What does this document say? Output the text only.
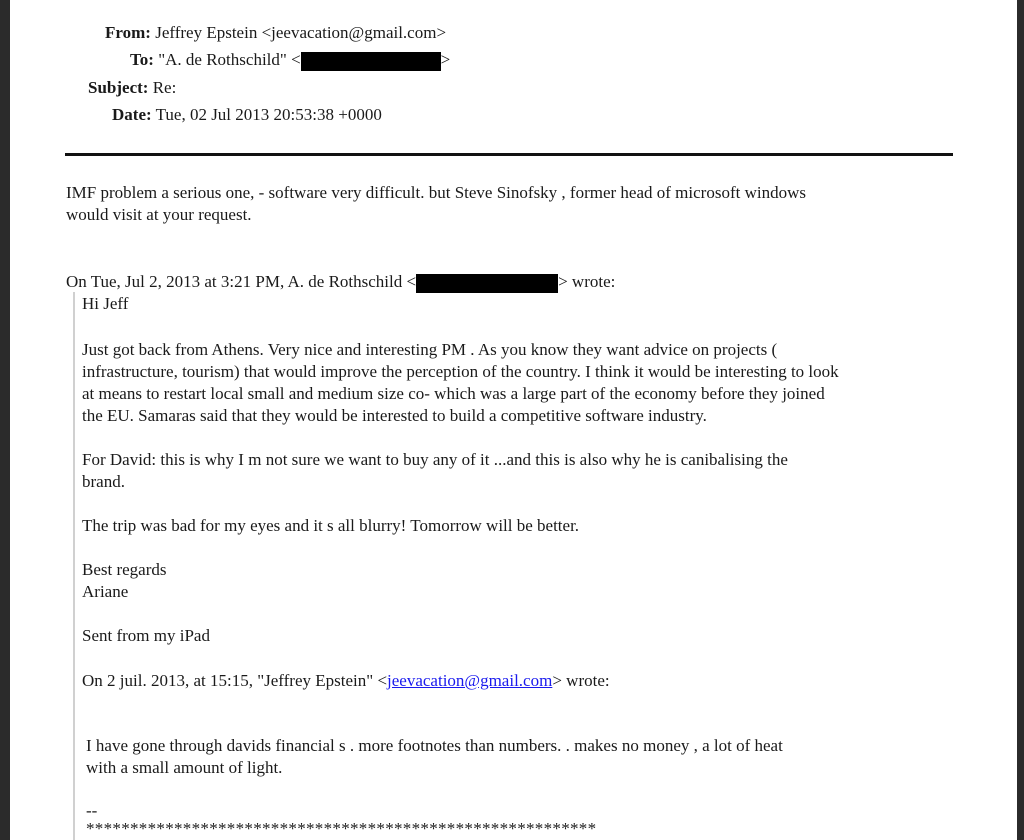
From: Jeffrey Epstein <jeevacation@gmail.com>
To: "A. de Rothschild" <	>
Subject: Re:
Date: Tue, 02 Jul 2013 20:53:38 +0000
IMF problem a serious one, - software very difficult. but Steve Sinofsky , former head of microsoft windows
would visit at your request.
On Tue, Jul 2, 2013 at 3:21 PM, A. de Rothschild <	> wrote:
Hi Jeff
Just got back from Athens. Very nice and interesting PM . As you know they want advice on projects (
infrastructure, tourism) that would improve the perception of the country. I think it would be interesting to look
at means to restart local small and medium size co- which was a large part of the economy before they joined
the EU. Samaras said that they would be interested to build a competitive software industry.
For David: this is why I m not sure we want to buy any of it ...and this is also why he is canibalising the
brand.
The trip was bad for my eyes and it s all blurry! Tomorrow will be better.
Best regards
Ariane
Sent from my iPad
On 2 juil. 2013, at 15:15, "Jeffrey Epstein" <jeevacation@gmail.com> wrote:
I have gone through davids financial s . more footnotes than numbers. . makes no money , a lot of heat
with a small amount of light.
--
**********************************************************
